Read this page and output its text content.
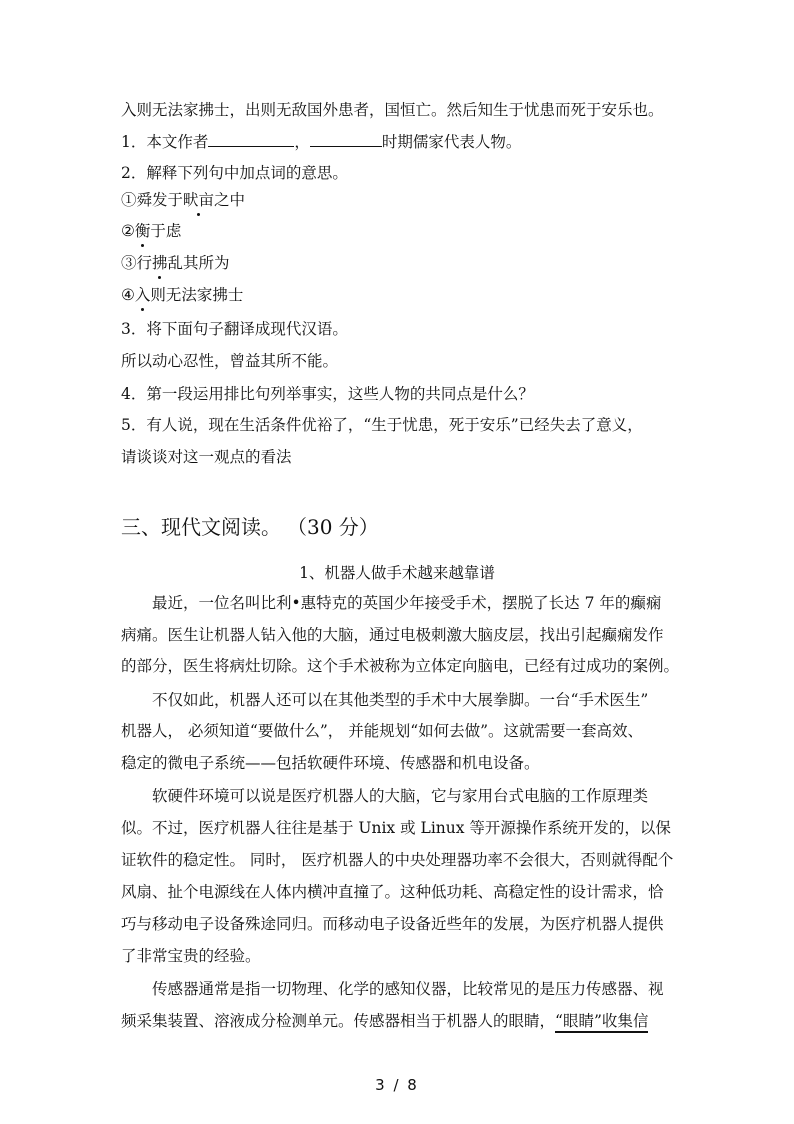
入则无法家拂士，出则无敌国外患者，国恒亡。然后知生于忧患而死于安乐也。
1．本文作者	，	时期儒家代表人物。
2．解释下列句中加点词的意思。
①舜发于畎亩之中
②衡于虑
③行拂乱其所为
④入则无法家拂士
3．将下面句子翻译成现代汉语。
所以动心忍性，曾益其所不能。
4．第一段运用排比句列举事实，这些人物的共同点是什么？
5．有人说，现在生活条件优裕了，“生于忧患，死于安乐”已经失去了意义，
请谈谈对这一观点的看法
三、现代文阅读。 （30 分）
1、机器人做手术越来越靠谱
最近，一位名叫比利•惠特克的英国少年接受手术，摆脱了长达 7 年的癫痫
病痛。医生让机器人钻入他的大脑，通过电极刺激大脑皮层，找出引起癫痫发作
的部分，医生将病灶切除。这个手术被称为立体定向脑电，已经有过成功的案例。
不仅如此，机器人还可以在其他类型的手术中大展拳脚。一台“手术医生”
机器人， 必须知道“要做什么”， 并能规划“如何去做”。这就需要一套高效、
稳定的微电子系统——包括软硬件环境、传感器和机电设备。
软硬件环境可以说是医疗机器人的大脑，它与家用台式电脑的工作原理类
似。不过，医疗机器人往往是基于 Unix 或 Linux 等开源操作系统开发的，以保
证软件的稳定性。 同时， 医疗机器人的中央处理器功率不会很大，否则就得配个
风扇、扯个电源线在人体内横冲直撞了。这种低功耗、高稳定性的设计需求，恰
巧与移动电子设备殊途同归。而移动电子设备近些年的发展，为医疗机器人提供
了非常宝贵的经验。
传感器通常是指一切物理、化学的感知仪器，比较常见的是压力传感器、视
频采集装置、溶液成分检测单元。传感器相当于机器人的眼睛，“眼睛”收集信
3 / 8
